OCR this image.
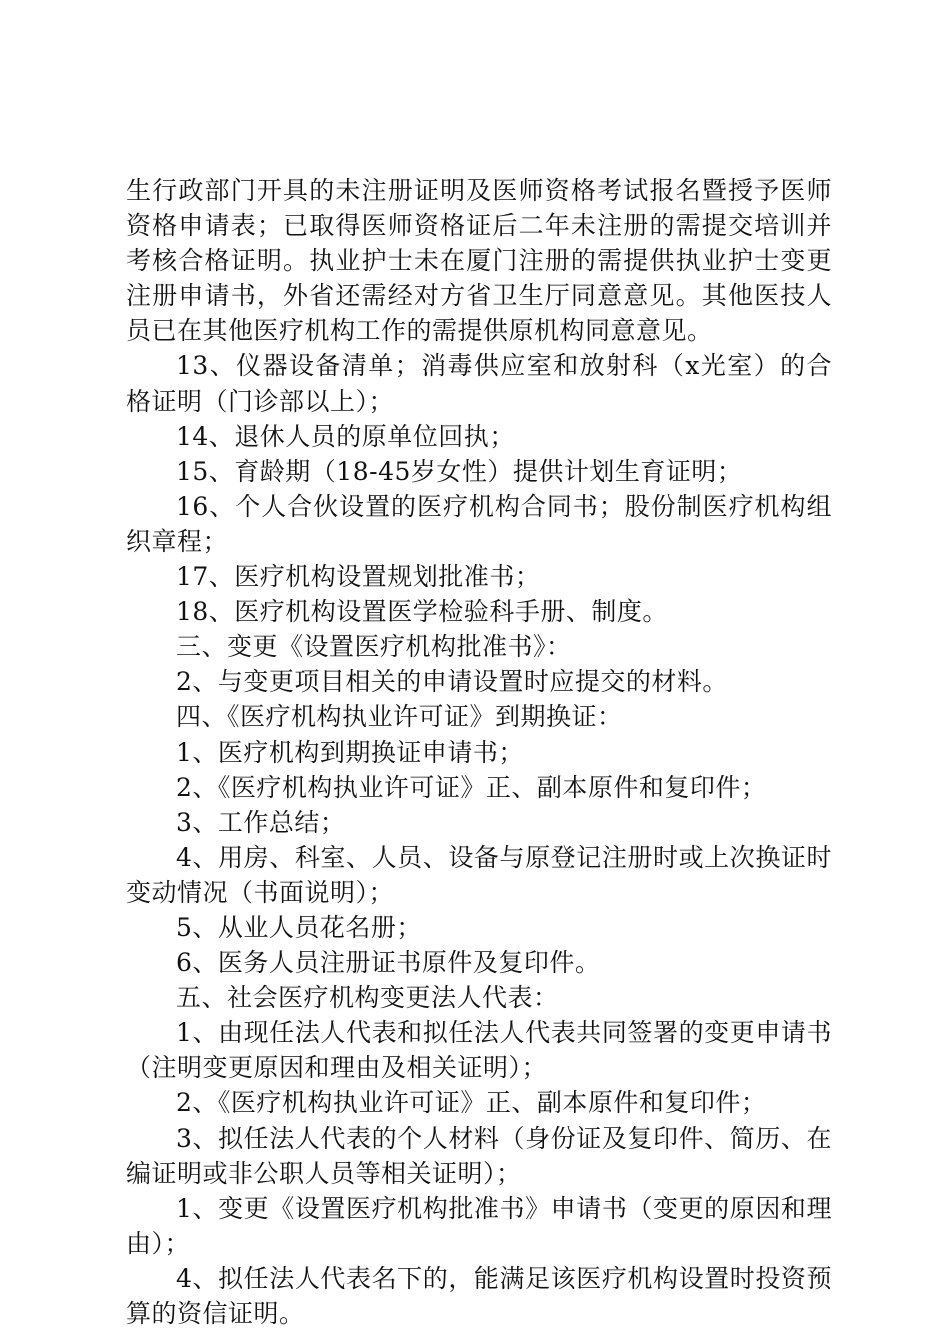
生行政部门开具的未注册证明及医师资格考试报名暨授予医师资格申请表；已取得医师资格证后二年未注册的需提交培训并考核合格证明。执业护士未在厦门注册的需提供执业护士变更注册申请书，外省还需经对方省卫生厅同意意见。其他医技人员已在其他医疗机构工作的需提供原机构同意意见。

13、仪器设备清单；消毒供应室和放射科（x光室）的合格证明（门诊部以上）；

14、退休人员的原单位回执；

15、育龄期（18-45岁女性）提供计划生育证明；

16、个人合伙设置的医疗机构合同书；股份制医疗机构组织章程；

17、医疗机构设置规划批准书；

18、医疗机构设置医学检验科手册、制度。

三、变更《设置医疗机构批准书》：

2、与变更项目相关的申请设置时应提交的材料。

四、《医疗机构执业许可证》到期换证：

1、医疗机构到期换证申请书；

2、《医疗机构执业许可证》正、副本原件和复印件；

3、工作总结；

4、用房、科室、人员、设备与原登记注册时或上次换证时变动情况（书面说明）；

5、从业人员花名册；

6、医务人员注册证书原件及复印件。

五、社会医疗机构变更法人代表：

1、由现任法人代表和拟任法人代表共同签署的变更申请书（注明变更原因和理由及相关证明）；

2、《医疗机构执业许可证》正、副本原件和复印件；

3、拟任法人代表的个人材料（身份证及复印件、简历、在编证明或非公职人员等相关证明）；

1、变更《设置医疗机构批准书》申请书（变更的原因和理由）；

4、拟任法人代表名下的，能满足该医疗机构设置时投资预算的资信证明。
